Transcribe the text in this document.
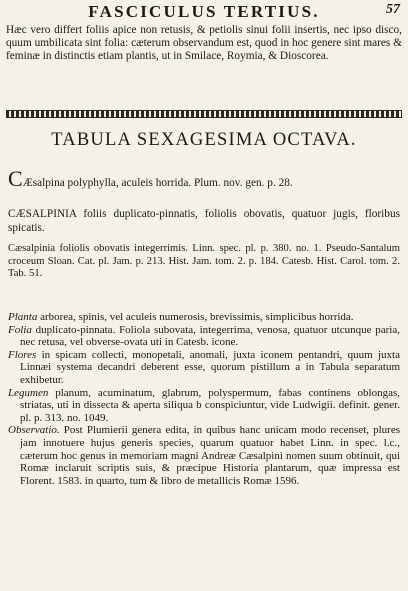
FASCICULUS TERTIUS.	57
Hæc vero differt foliis apice non retusis, & petiolis sinui folii insertis, nec ipso disco, quum umbilicata sint folia: cæterum observandum est, quod in hoc genere sint mares & feminæ in distinctis etiam plantis, ut in Smilace, Roymia, & Dioscorea.
TABULA SEXAGESIMA OCTAVA.
CÆsalpina polyphylla, aculeis horrida. Plum. nov. gen. p. 28.
CÆSALPINIA foliis duplicato-pinnatis, foliolis obovatis, quatuor jugis, floribus spicatis.
Cæsalpinia foliolis obovatis integerrimis. Linn. spec. pl. p. 380. no. 1. Pseudo-Santalum croceum Sloan. Cat. pl. Jam. p. 213. Hist. Jam. tom. 2. p. 184. Catesb. Hist. Carol. tom. 2. Tab. 51.
Planta arborea, spinis, vel aculeis numerosis, brevissimis, simplicibus horrida.
Folia duplicato-pinnata. Foliola subovata, integerrima, venosa, quatuor utcunque paria, nec retusa, vel obverse-ovata uti in Catesb. icone.
Flores in spicam collecti, monopetali, anomali, juxta iconem pentandri, quum juxta Linnæi systema decandri deberent esse, quorum pistillum a in Tabula separatum exhibetur.
Legumen planum, acuminatum, glabrum, polyspermum, fabas continens oblongas, striatas, uti in dissecta & aperta siliqua b conspiciuntur, vide Ludwigii. definit. gener. pl. p. 313. no. 1049.
Observatio. Post Plumierii genera edita, in quibus hanc unicam modo recenset, plures jam innotuere hujus generis species, quarum quatuor habet Linn. in spec. l.c., cæterum hoc genus in memoriam magni Andreæ Cæsalpini nomen suum obtinuit, qui Romæ inclaruit scriptis suis, & præcipue Historia plantarum, quæ impressa est Florent. 1583. in quarto, tum & libro de metallicis Romæ 1596.
